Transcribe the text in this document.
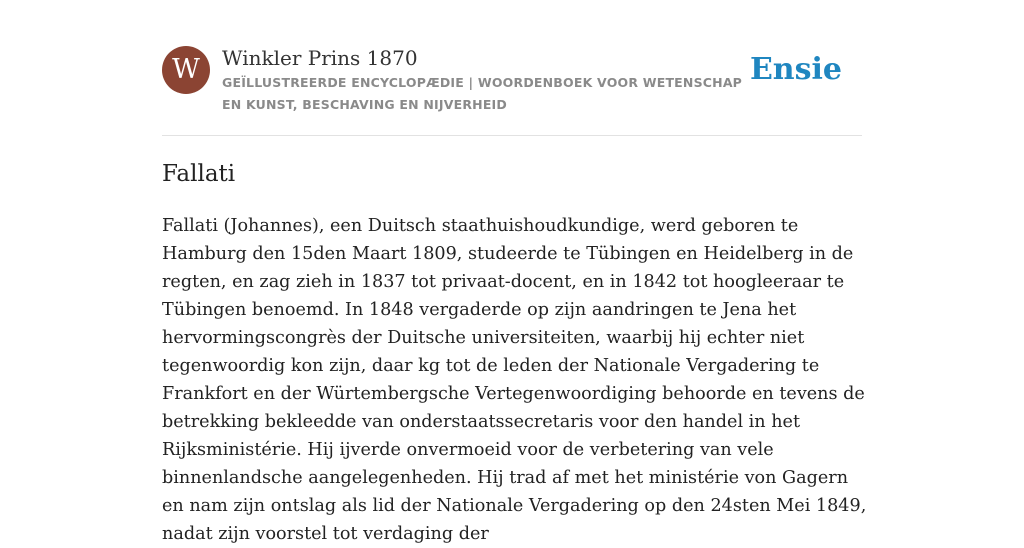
W	Winkler Prins 1870
GEÏLLUSTREERDE ENCYCLOPÆDIE | WOORDENBOEK VOOR WETENSCHAP EN KUNST, BESCHAVING EN NIJVERHEID
Ensie
Fallati

Fallati (Johannes), een Duitsch staathuishoudkundige, werd geboren te Hamburg den 15den Maart 1809, studeerde te Tübingen en Heidelberg in de regten, en zag zieh in 1837 tot privaat-docent, en in 1842 tot hoogleeraar te Tübingen benoemd. In 1848 vergaderde op zijn aandringen te Jena het hervormingscongrès der Duitsche universiteiten, waarbij hij echter niet tegenwoordig kon zijn, daar kg tot de leden der Nationale Vergadering te Frankfort en der Würtembergsche Vertegenwoordiging behoorde en tevens de betrekking bekleedde van onderstaatssecretaris voor den handel in het Rijksministérie. Hij ijverde onvermoeid voor de verbetering van vele binnenlandsche aangelegenheden. Hij trad af met het ministérie von Gagern en nam zijn ontslag als lid der Nationale Vergadering op den 24sten Mei 1849, nadat zijn voorstel tot verdaging der
